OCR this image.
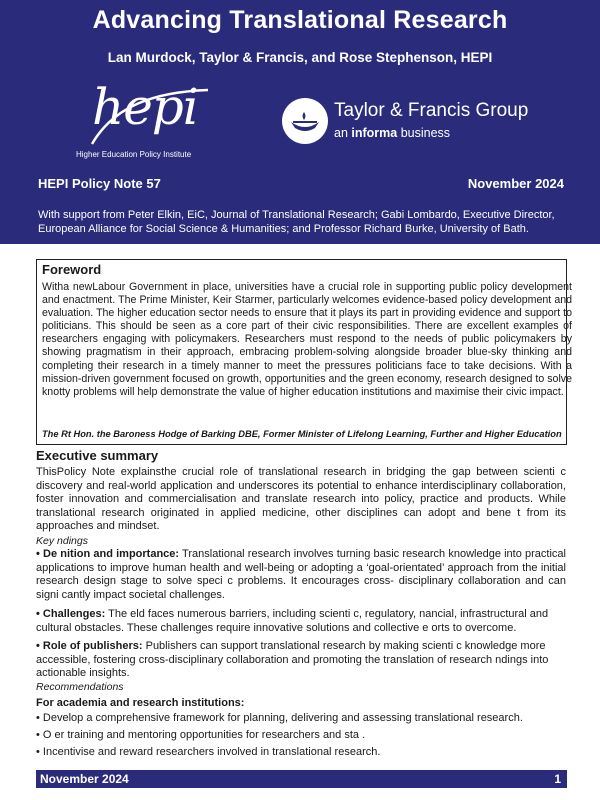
Advancing Translational Research
Lan Murdock, Taylor & Francis, and Rose Stephenson, HEPI
hepi
Higher Education Policy Institute
Taylor & Francis Group
an informa business
HEPI Policy Note 57	November 2024
With support from Peter Elkin, EiC, Journal of Translational Research; Gabi Lombardo, Executive Director, European Alliance for Social Science & Humanities; and Professor Richard Burke, University of Bath.
Foreword
Witha newLabour Government in place, universities have a crucial role in supporting public policy development and enactment. The Prime Minister, Keir Starmer, particularly welcomes evidence-based policy development and evaluation. The higher education sector needs to ensure that it plays its part in providing evidence and support to politicians. This should be seen as a core part of their civic responsibilities. There are excellent examples of researchers engaging with policymakers. Researchers must respond to the needs of public policymakers by showing pragmatism in their approach, embracing problem-solving alongside broader blue-sky thinking and completing their research in a timely manner to meet the pressures politicians face to take decisions. With a mission-driven government focused on growth, opportunities and the green economy, research designed to solve knotty problems will help demonstrate the value of higher education institutions and maximise their civic impact.
The Rt Hon. the Baroness Hodge of Barking DBE, Former Minister of Lifelong Learning, Further and Higher Education
Executive summary
ThisPolicy Note explainsthe crucial role of translational research in bridging the gap between scienti c discovery and real-world application and underscores its potential to enhance interdisciplinary collaboration, foster innovation and commercialisation and translate research into policy, practice and products. While translational research originated in applied medicine, other disciplines can adopt and bene t from its approaches and mindset.
Key ndings
• De nition and importance: Translational research involves turning basic research knowledge into practical applications to improve human health and well-being or adopting a ‘goal-orientated’ approach from the initial research design stage to solve speci c problems. It encourages cross- disciplinary collaboration and can signi cantly impact societal challenges.
• Challenges: The eld faces numerous barriers, including scienti c, regulatory, nancial, infrastructural and cultural obstacles. These challenges require innovative solutions and collective e orts to overcome.
• Role of publishers: Publishers can support translational research by making scienti c knowledge more accessible, fostering cross-disciplinary collaboration and promoting the translation of research ndings into actionable insights.
Recommendations
For academia and research institutions:
• Develop a comprehensive framework for planning, delivering and assessing translational research.
• O er training and mentoring opportunities for researchers and sta .
• Incentivise and reward researchers involved in translational research.
November 2024	1
